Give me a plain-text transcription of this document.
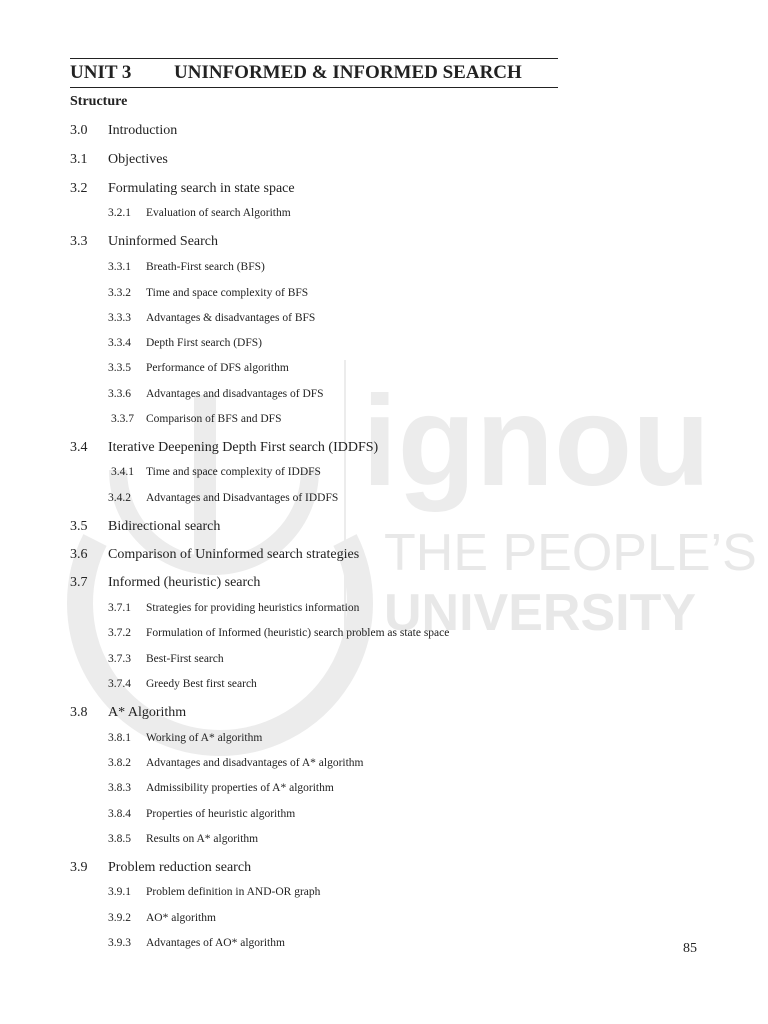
ignou
THE PEOPLE’S
UNIVERSITY
UNIT 3 UNINFORMED & INFORMED SEARCH
Structure
3.0 Introduction
3.1 Objectives
3.2 Formulating search in state space
3.2.1 Evaluation of search Algorithm
3.3 Uninformed Search
3.3.1 Breath-First search (BFS)
3.3.2 Time and space complexity of BFS
3.3.3 Advantages & disadvantages of BFS
3.3.4 Depth First search (DFS)
3.3.5 Performance of DFS algorithm
3.3.6 Advantages and disadvantages of DFS
3.3.7 Comparison of BFS and DFS
3.4 Iterative Deepening Depth First search (IDDFS)
3.4.1 Time and space complexity of IDDFS
3.4.2 Advantages and Disadvantages of IDDFS
3.5 Bidirectional search
3.6 Comparison of Uninformed search strategies
3.7 Informed (heuristic) search
3.7.1 Strategies for providing heuristics information
3.7.2 Formulation of Informed (heuristic) search problem as state space
3.7.3 Best-First search
3.7.4 Greedy Best first search
3.8 A* Algorithm
3.8.1 Working of A* algorithm
3.8.2 Advantages and disadvantages of A* algorithm
3.8.3 Admissibility properties of A* algorithm
3.8.4 Properties of heuristic algorithm
3.8.5 Results on A* algorithm
3.9 Problem reduction search
3.9.1 Problem definition in AND-OR graph
3.9.2 AO* algorithm
3.9.3 Advantages of AO* algorithm	85
